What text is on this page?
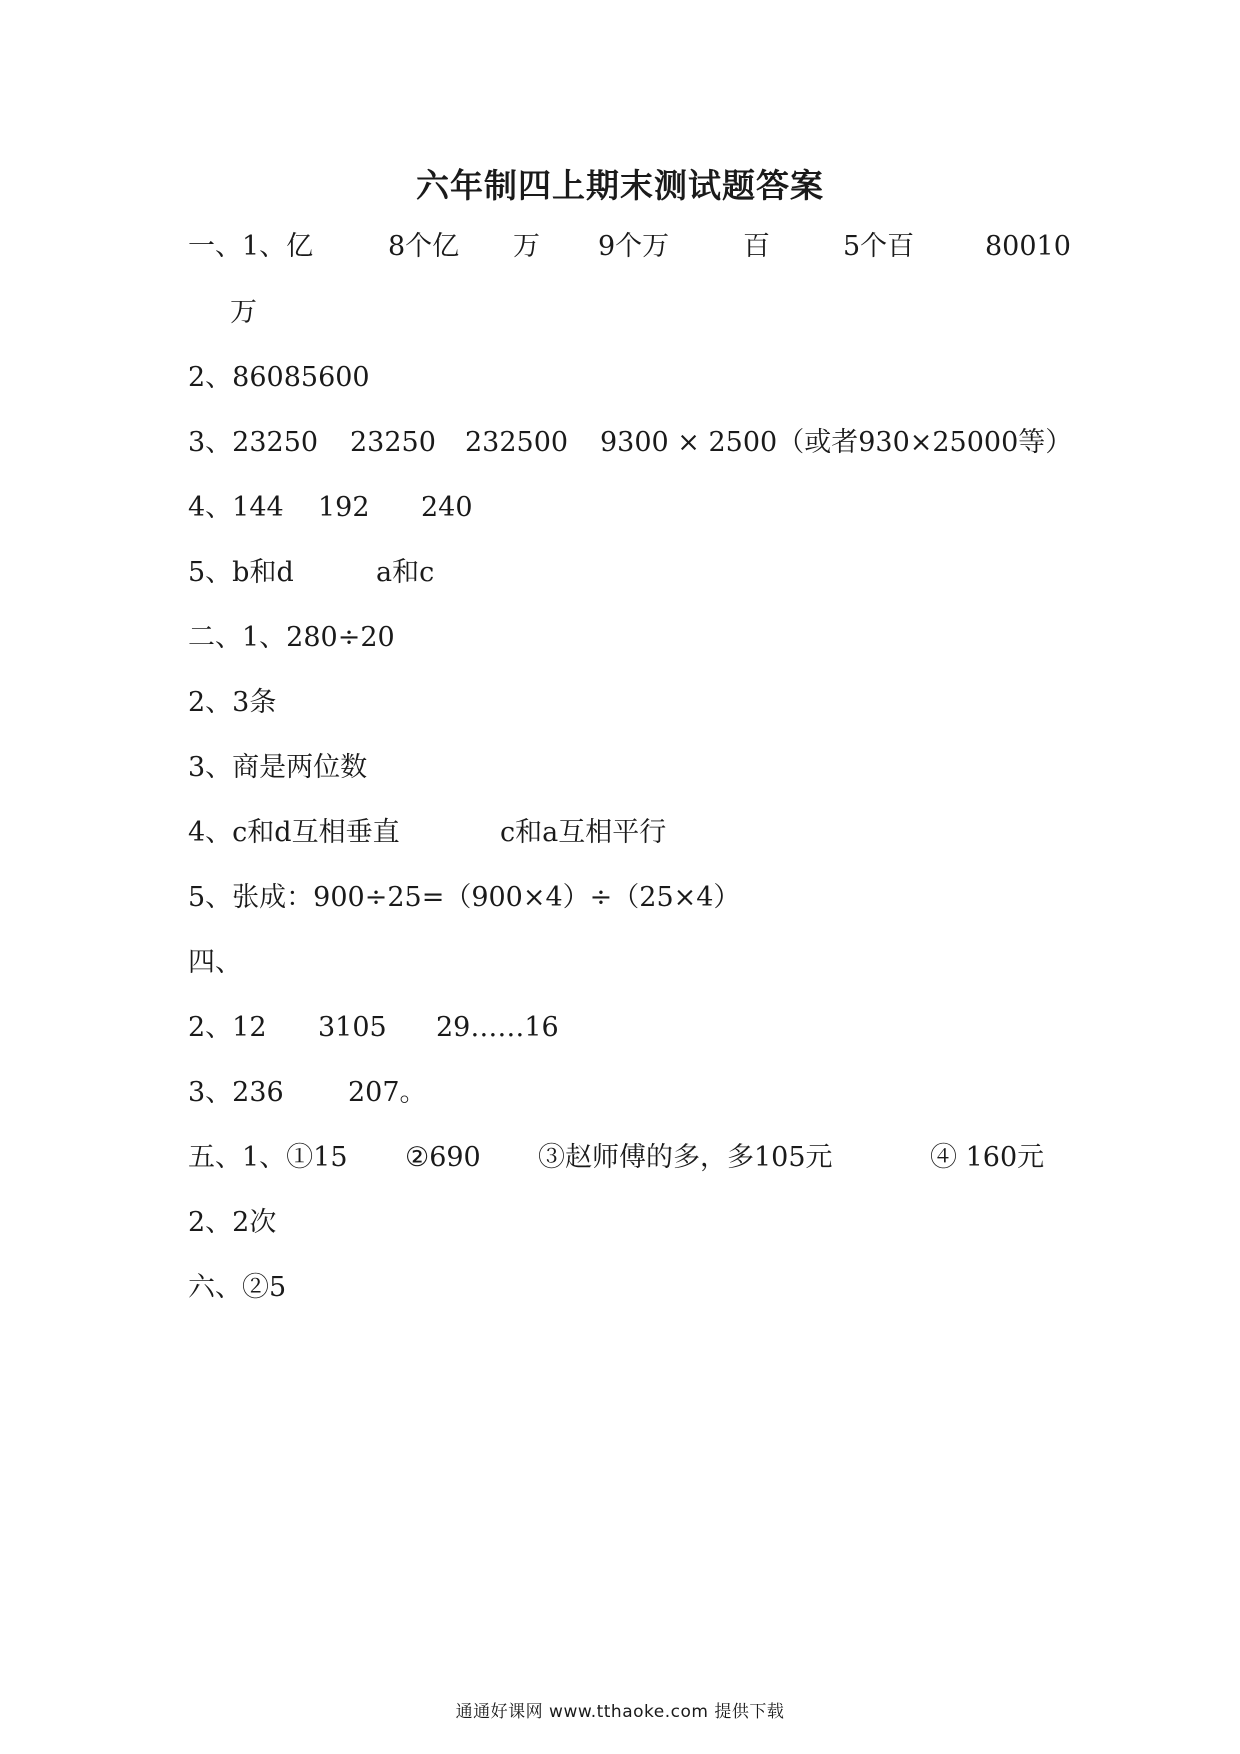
六年制四上期末测试题答案
一、1、亿	8个亿 万 9个万	百	5个百	80010
万
2、86085600
3、23250 23250 232500 9300 × 2500（或者930×25000等）
4、144 192 240
5、b和d	a和c
二、1、280÷20
2、3条
3、商是两位数
4、c和d互相垂直	c和a互相平行
5、张成：900÷25=（900×4）÷（25×4）
四、
2、12 3105 29……16
3、236 207。
五、1、①15 ②690 ③赵师傅的多，多105元	④ 160元
2、2次
六、②5
通通好课网 www.tthaoke.com 提供下载
